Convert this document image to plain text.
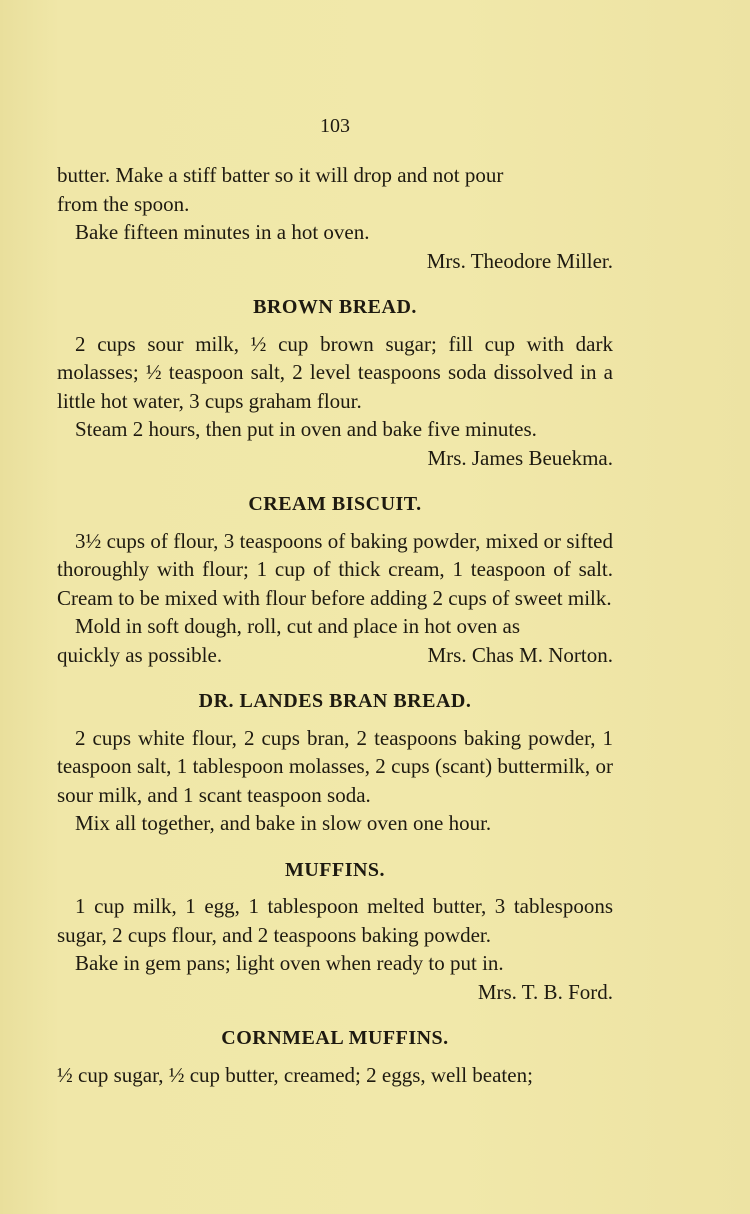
103

butter. Make a stiff batter so it will drop and not pour

from the spoon.

Bake fifteen minutes in a hot oven.

Mrs. Theodore Miller.

BROWN BREAD.

2 cups sour milk, ½ cup brown sugar; fill cup with dark molasses; ½ teaspoon salt, 2 level teaspoons soda dissolved in a little hot water, 3 cups graham flour.

Steam 2 hours, then put in oven and bake five minutes.

Mrs. James Beuekma.

CREAM BISCUIT.

3½ cups of flour, 3 teaspoons of baking powder, mixed or sifted thoroughly with flour; 1 cup of thick cream, 1 teaspoon of salt. Cream to be mixed with flour before adding 2 cups of sweet milk.

Mold in soft dough, roll, cut and place in hot oven as

quickly as possible.	Mrs. Chas M. Norton.
DR. LANDES BRAN BREAD.

2 cups white flour, 2 cups bran, 2 teaspoons baking powder, 1 teaspoon salt, 1 tablespoon molasses, 2 cups (scant) buttermilk, or sour milk, and 1 scant teaspoon soda.

Mix all together, and bake in slow oven one hour.

MUFFINS.

1 cup milk, 1 egg, 1 tablespoon melted butter, 3 tablespoons sugar, 2 cups flour, and 2 teaspoons baking powder.

Bake in gem pans; light oven when ready to put in.

Mrs. T. B. Ford.

CORNMEAL MUFFINS.

½ cup sugar, ½ cup butter, creamed; 2 eggs, well beaten;
